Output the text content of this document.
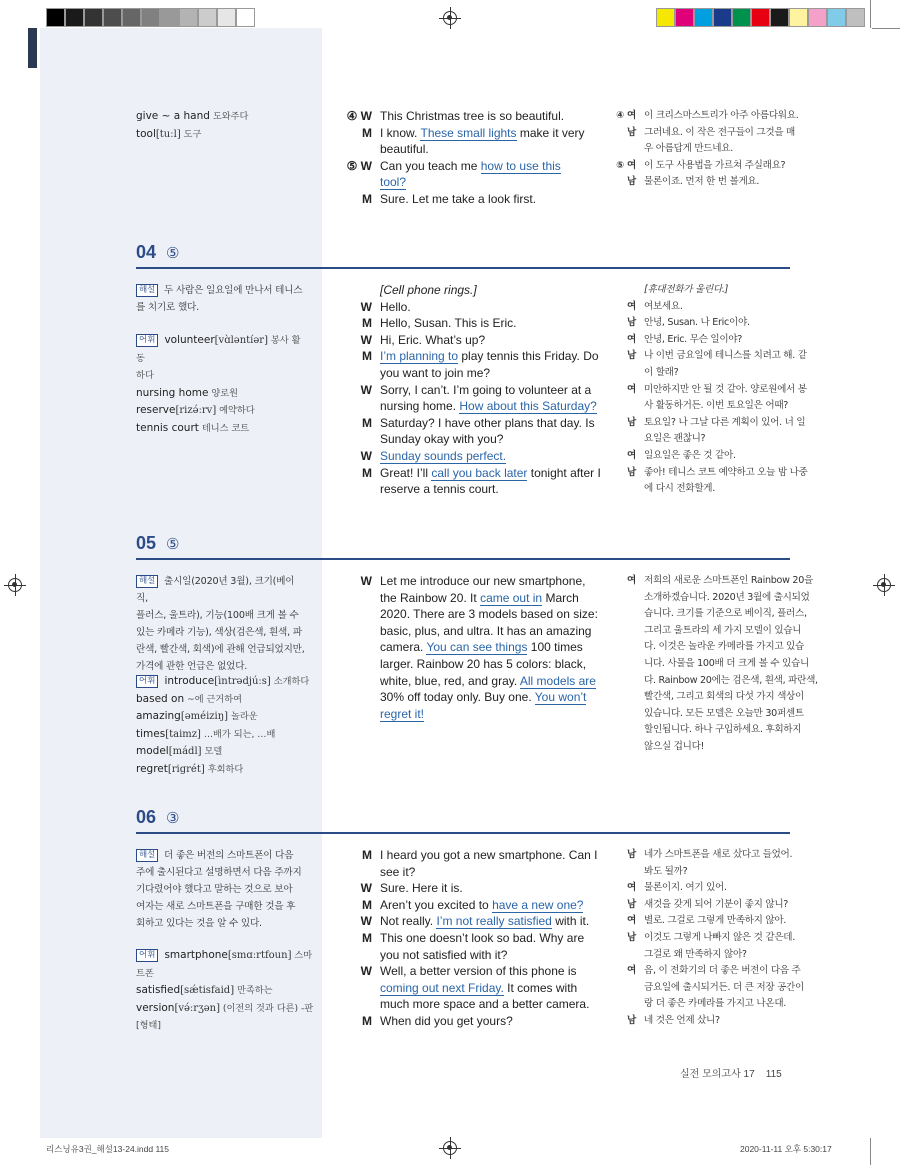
give ~ a hand 도와주다
tool[tuːl] 도구
④ W This Christmas tree is so beautiful.
M I know. These small lights make it very
beautiful.
⑤ W Can you teach me how to use this
tool?
M Sure. Let me take a look first.
④ 여 이 크리스마스트리가 아주 아름다워요.
남 그러네요. 이 작은 전구들이 그것을 매
우 아름답게 만드네요.
⑤ 여 이 도구 사용법을 가르쳐 주실래요?
남 물론이죠. 먼저 한 번 볼게요.
04 ⑤
해설 두 사람은 일요일에 만나서 테니스
를 치기로 했다.
어휘 volunteer[vɑ̀ləntíər] 봉사 활동
하다
nursing home 양로원
reserve[rizə́ːrv] 예약하다
tennis court 테니스 코트
[Cell phone rings.]
W Hello.
M Hello, Susan. This is Eric.
W Hi, Eric. What’s up?
M I’m planning to play tennis this Friday. Do
you want to join me?
W Sorry, I can’t. I’m going to volunteer at a
nursing home. How about this Saturday?
M Saturday? I have other plans that day. Is
Sunday okay with you?
W Sunday sounds perfect.
M Great! I’ll call you back later tonight after I
reserve a tennis court.
[휴대전화가 울린다.]
여 여보세요.
남 안녕, Susan. 나 Eric이야.
여 안녕, Eric. 무슨 일이야?
남 나 이번 금요일에 테니스를 치려고 해. 같
이 할래?
여 미안하지만 안 될 것 같아. 양로원에서 봉
사 활동하거든. 이번 토요일은 어때?
남 토요일? 나 그날 다른 계획이 있어. 너 일
요일은 괜찮니?
여 일요일은 좋은 것 같아.
남 좋아! 테니스 코트 예약하고 오늘 밤 나중
에 다시 전화할게.
05 ⑤
해설 출시일(2020년 3월), 크기(베이직,
플러스, 울트라), 기능(100배 크게 볼 수
있는 카메라 기능), 색상(검은색, 흰색, 파
란색, 빨간색, 회색)에 관해 언급되었지만,
가격에 관한 언급은 없었다.
어휘 introduce[ìntrədjúːs] 소개하다
based on ~에 근거하여
amazing[əméiziŋ] 놀라운
times[taimz] …배가 되는, …배
model[mádl] 모델
regret[rigrét] 후회하다
W Let me introduce our new smartphone,
the Rainbow 20. It came out in March
2020. There are 3 models based on size:
basic, plus, and ultra. It has an amazing
camera. You can see things 100 times
larger. Rainbow 20 has 5 colors: black,
white, blue, red, and gray. All models are
30% off today only. Buy one. You won’t
regret it!
여 저희의 새로운 스마트폰인 Rainbow 20을
소개하겠습니다. 2020년 3월에 출시되었
습니다. 크기를 기준으로 베이직, 플러스,
그리고 울트라의 세 가지 모델이 있습니
다. 이것은 놀라운 카메라를 가지고 있습
니다. 사물을 100배 더 크게 볼 수 있습니
다. Rainbow 20에는 검은색, 흰색, 파란색,
빨간색, 그리고 회색의 다섯 가지 색상이
있습니다. 모든 모델은 오늘만 30퍼센트
할인됩니다. 하나 구입하세요. 후회하지
않으실 겁니다!
06 ③
해설 더 좋은 버전의 스마트폰이 다음
주에 출시된다고 설명하면서 다음 주까지
기다렸어야 했다고 말하는 것으로 보아
여자는 새로 스마트폰을 구매한 것을 후
회하고 있다는 것을 알 수 있다.
어휘 smartphone[smɑːrtfoun] 스마
트폰
satisfied[sǽtisfaid] 만족하는
version[və́ːrʒən] (이전의 것과 다른) -판
[형태]
M I heard you got a new smartphone. Can I
see it?
W Sure. Here it is.
M Aren’t you excited to have a new one?
W Not really. I’m not really satisfied with it.
M This one doesn’t look so bad. Why are
you not satisfied with it?
W Well, a better version of this phone is
coming out next Friday. It comes with
much more space and a better camera.
M When did you get yours?
남 네가 스마트폰을 새로 샀다고 들었어.
봐도 될까?
여 물론이지. 여기 있어.
남 새것을 갖게 되어 기분이 좋지 않니?
여 별로. 그걸로 그렇게 만족하지 않아.
남 이것도 그렇게 나빠지 않은 것 같은데.
그걸로 왜 만족하지 않아?
여 음, 이 전화기의 더 좋은 버전이 다음 주
금요일에 출시되거든. 더 큰 저장 공간이
랑 더 좋은 카메라를 가지고 나온대.
남 네 것은 언제 샀니?
실전 모의고사 17 115
리스닝유3권_해설13-24.indd 115	2020-11-11 오후 5:30:17
